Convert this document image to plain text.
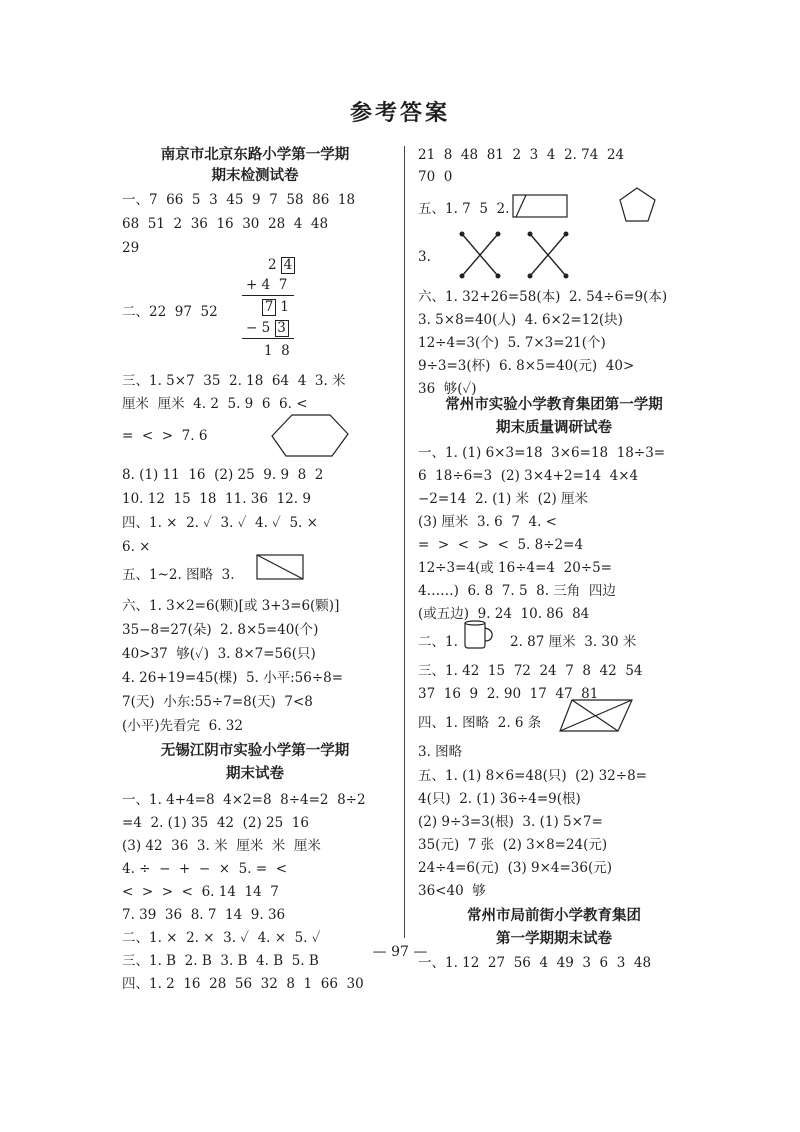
参考答案
南京市北京东路小学第一学期
期末检测试卷
一、7  66  5  3  45  9  7  58  86  18
68  51  2  36  16  30  28  4  48
29
二、22  97  52
2 4
+ 4  7
7 1
− 5 3
1  8
三、1. 5×7  35  2. 18  64  4  3. 米
厘米  厘米  4. 2  5. 9  6  6. <
=  <  >  7. 6
8. (1) 11  16  (2) 25  9. 9  8  2
10. 12  15  18  11. 36  12. 9
四、1. ×  2. ✓  3. ✓  4. ✓  5. ×
6. ×
五、1~2. 图略  3.
六、1. 3×2=6(颗)[或 3+3=6(颗)]
35−8=27(朵)  2. 8×5=40(个)
40>37  够(✓)  3. 8×7=56(只)
4. 26+19=45(棵)  5. 小平:56÷8=
7(天)  小东:55÷7=8(天)  7<8
(小平)先看完  6. 32
无锡江阴市实验小学第一学期
期末试卷
一、1. 4+4=8  4×2=8  8÷4=2  8÷2
=4  2. (1) 35  42  (2) 25  16
(3) 42  36  3. 米  厘米  米  厘米
4. ÷  −  +  −  ×  5. =  <
<  >  >  <  6. 14  14  7
7. 39  36  8. 7  14  9. 36
二、1. ×  2. ×  3. ✓  4. ×  5. ✓
三、1. B  2. B  3. B  4. B  5. B
四、1. 2  16  28  56  32  8  1  66  30
21  8  48  81  2  3  4  2. 74  24
70  0
五、1. 7  5  2.
3.
六、1. 32+26=58(本)  2. 54÷6=9(本)
3. 5×8=40(人)  4. 6×2=12(块)
12÷4=3(个)  5. 7×3=21(个)
9÷3=3(杯)  6. 8×5=40(元)  40>
36  够(✓)
常州市实验小学教育集团第一学期
期末质量调研试卷
一、1. (1) 6×3=18  3×6=18  18÷3=
6  18÷6=3  (2) 3×4+2=14  4×4
−2=14  2. (1) 米  (2) 厘米
(3) 厘米  3. 6  7  4. <
=  >  <  >  <  5. 8÷2=4
12÷3=4(或 16÷4=4  20÷5=
4……)  6. 8  7. 5  8. 三角  四边
(或五边)  9. 24  10. 86  84
二、1.	2. 87 厘米  3. 30 米
三、1. 42  15  72  24  7  8  42  54
37  16  9  2. 90  17  47  81
四、1. 图略  2. 6 条
3. 图略
五、1. (1) 8×6=48(只)  (2) 32÷8=
4(只)  2. (1) 36÷4=9(根)
(2) 9÷3=3(根)  3. (1) 5×7=
35(元)  7 张  (2) 3×8=24(元)
24÷4=6(元)  (3) 9×4=36(元)
36<40  够
常州市局前街小学教育集团
第一学期期末试卷
一、1. 12  27  56  4  49  3  6  3  48
— 97 —
